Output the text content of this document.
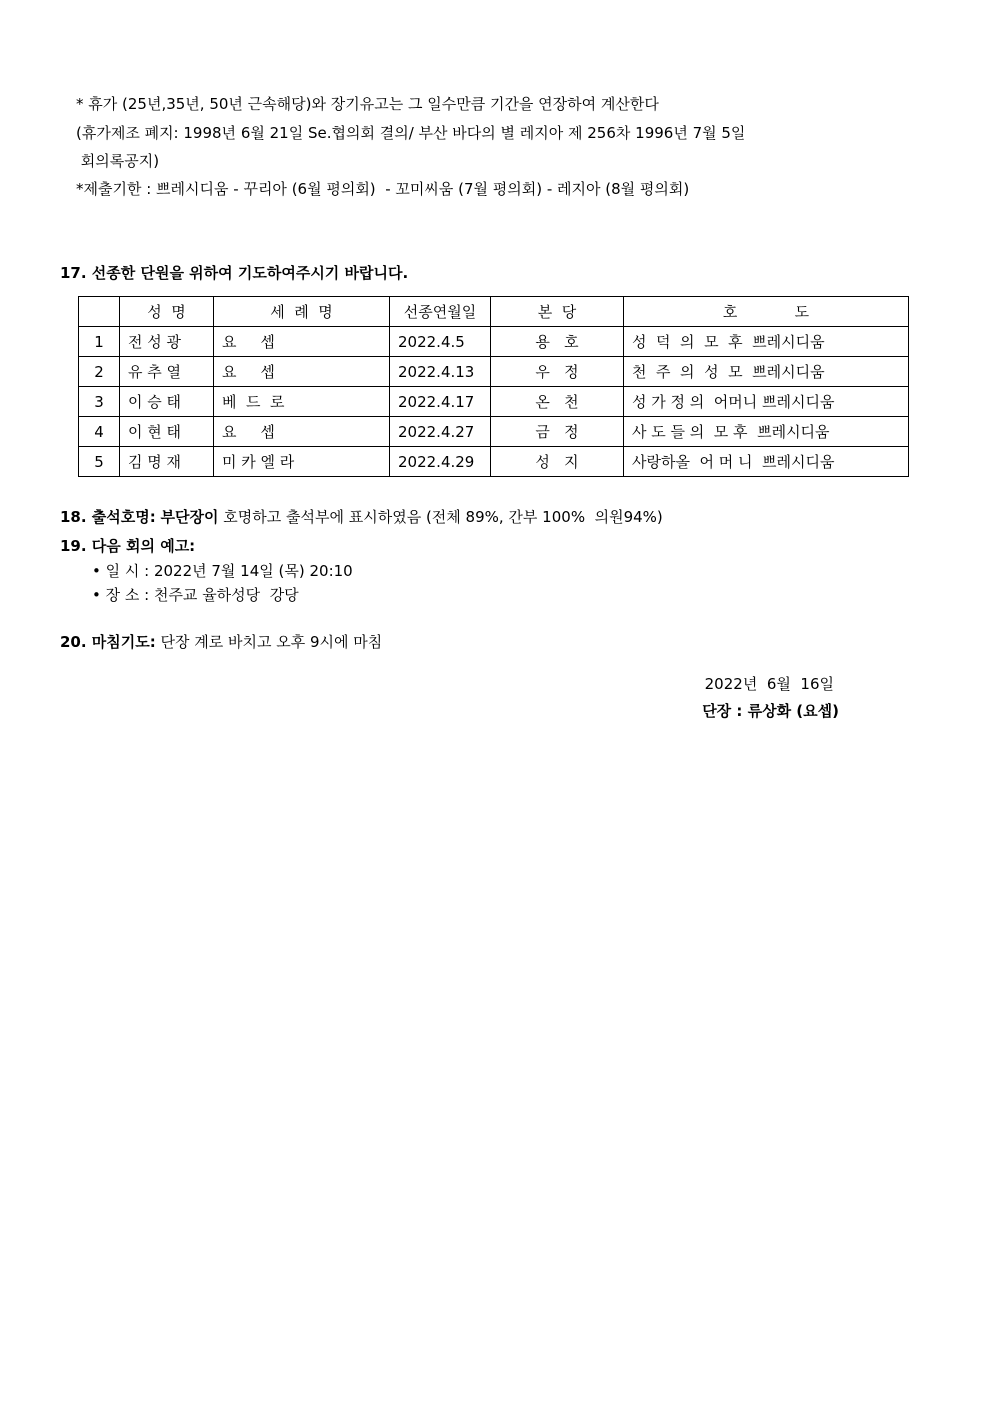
* 휴가 (25년,35년, 50년 근속해당)와 장기유고는 그 일수만큼 기간을 연장하여 계산한다
(휴가제조 폐지: 1998년 6월 21일 Se.협의회 결의/ 부산 바다의 별 레지아 제 256차 1996년 7월 5일
회의록공지)
*제출기한 : 쁘레시디움 - 꾸리아 (6월 평의회)  - 꼬미씨움 (7월 평의회) - 레지아 (8월 평의회)
17. 선종한 단원을 위하여 기도하여주시기 바랍니다.
	성  명	세  례  명	선종연월일	본  당	호            도
1	전 성 광	요     셉	2022.4.5	용   호	성  덕  의  모  후  쁘레시디움
2	유 추 열	요     셉	2022.4.13	우   정	천  주  의  성  모  쁘레시디움
3	이 승 태	베  드  로	2022.4.17	온   천	성 가 정 의  어머니 쁘레시디움
4	이 현 태	요     셉	2022.4.27	금   정	사 도 들 의  모 후  쁘레시디움
5	김 명 재	미 카 엘 라	2022.4.29	성   지	사랑하올  어 머 니  쁘레시디움
18. 출석호명: 부단장이 호명하고 출석부에 표시하였음 (전체 89%, 간부 100%  의원94%)
19. 다음 회의 예고:
• 일 시 : 2022년 7월 14일 (목) 20:10
• 장 소 : 천주교 율하성당  강당
20. 마침기도: 단장 계로 바치고 오후 9시에 마침
2022년  6월  16일
단장 : 류상화 (요셉)
